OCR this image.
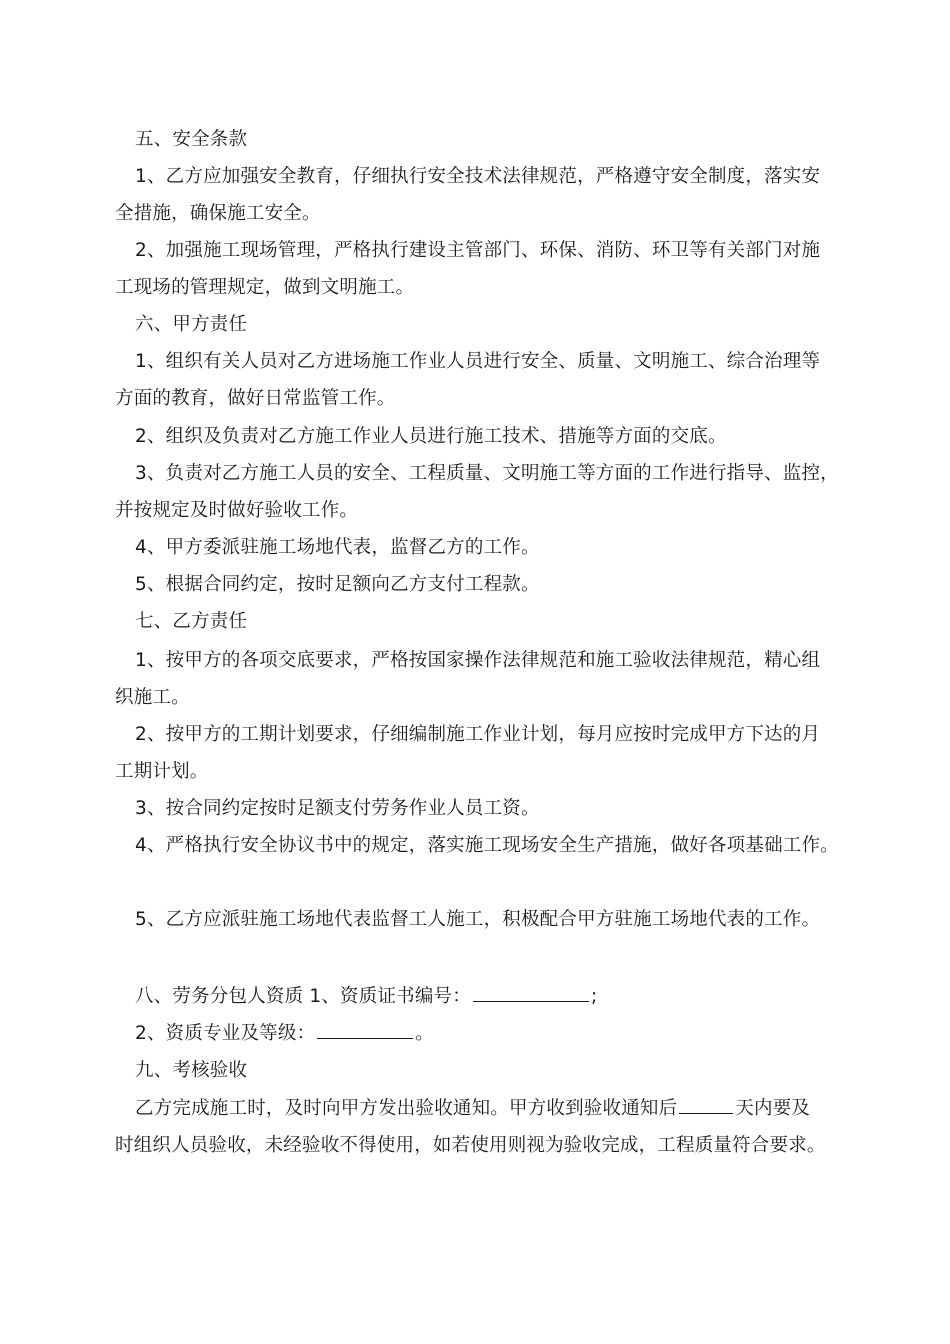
五、安全条款
1、乙方应加强安全教育，仔细执行安全技术法律规范，严格遵守安全制度，落实安
全措施，确保施工安全。
2、加强施工现场管理，严格执行建设主管部门、环保、消防、环卫等有关部门对施
工现场的管理规定，做到文明施工。
六、甲方责任
1、组织有关人员对乙方进场施工作业人员进行安全、质量、文明施工、综合治理等
方面的教育，做好日常监管工作。
2、组织及负责对乙方施工作业人员进行施工技术、措施等方面的交底。
3、负责对乙方施工人员的安全、工程质量、文明施工等方面的工作进行指导、监控，
并按规定及时做好验收工作。
4、甲方委派驻施工场地代表，监督乙方的工作。
5、根据合同约定，按时足额向乙方支付工程款。
七、乙方责任
1、按甲方的各项交底要求，严格按国家操作法律规范和施工验收法律规范，精心组
织施工。
2、按甲方的工期计划要求，仔细编制施工作业计划，每月应按时完成甲方下达的月
工期计划。
3、按合同约定按时足额支付劳务作业人员工资。
4、严格执行安全协议书中的规定，落实施工现场安全生产措施，做好各项基础工作。
5、乙方应派驻施工场地代表监督工人施工，积极配合甲方驻施工场地代表的工作。
八、劳务分包人资质 1、资质证书编号：	;
2、资质专业及等级：	。
九、考核验收
乙方完成施工时，及时向甲方发出验收通知。甲方收到验收通知后	天内要及
时组织人员验收，未经验收不得使用，如若使用则视为验收完成，工程质量符合要求。
